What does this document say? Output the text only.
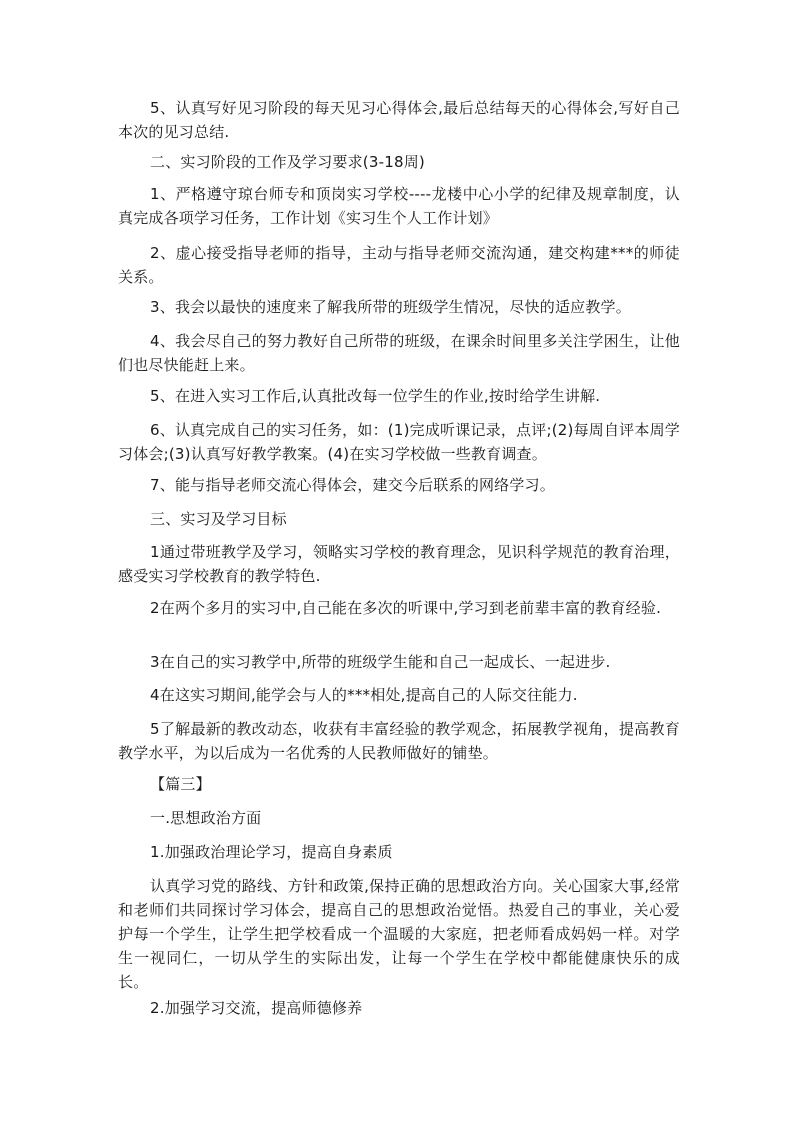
5、认真写好见习阶段的每天见习心得体会,最后总结每天的心得体会,写好自己本次的见习总结.

二、实习阶段的工作及学习要求(3-18周)

1、严格遵守琼台师专和顶岗实习学校----龙楼中心小学的纪律及规章制度，认真完成各项学习任务，工作计划《实习生个人工作计划》

2、虚心接受指导老师的指导，主动与指导老师交流沟通，建交构建***的师徒关系。

3、我会以最快的速度来了解我所带的班级学生情况，尽快的适应教学。

4、我会尽自己的努力教好自己所带的班级，在课余时间里多关注学困生，让他们也尽快能赶上来。

5、在进入实习工作后,认真批改每一位学生的作业,按时给学生讲解.

6、认真完成自己的实习任务，如：(1)完成听课记录，点评;(2)每周自评本周学习体会;(3)认真写好教学教案。(4)在实习学校做一些教育调查。

7、能与指导老师交流心得体会，建交今后联系的网络学习。

三、实习及学习目标

1通过带班教学及学习，领略实习学校的教育理念，见识科学规范的教育治理，感受实习学校教育的教学特色.

2在两个多月的实习中,自己能在多次的听课中,学习到老前辈丰富的教育经验.

3在自己的实习教学中,所带的班级学生能和自己一起成长、一起进步.

4在这实习期间,能学会与人的***相处,提高自己的人际交往能力.

5了解最新的教改动态，收获有丰富经验的教学观念，拓展教学视角，提高教育教学水平，为以后成为一名优秀的人民教师做好的铺垫。

【篇三】

一.思想政治方面

1.加强政治理论学习，提高自身素质

认真学习党的路线、方针和政策,保持正确的思想政治方向。关心国家大事,经常和老师们共同探讨学习体会，提高自己的思想政治觉悟。热爱自己的事业，关心爱护每一个学生，让学生把学校看成一个温暖的大家庭，把老师看成妈妈一样。对学生一视同仁，一切从学生的实际出发，让每一个学生在学校中都能健康快乐的成长。

2.加强学习交流，提高师德修养
